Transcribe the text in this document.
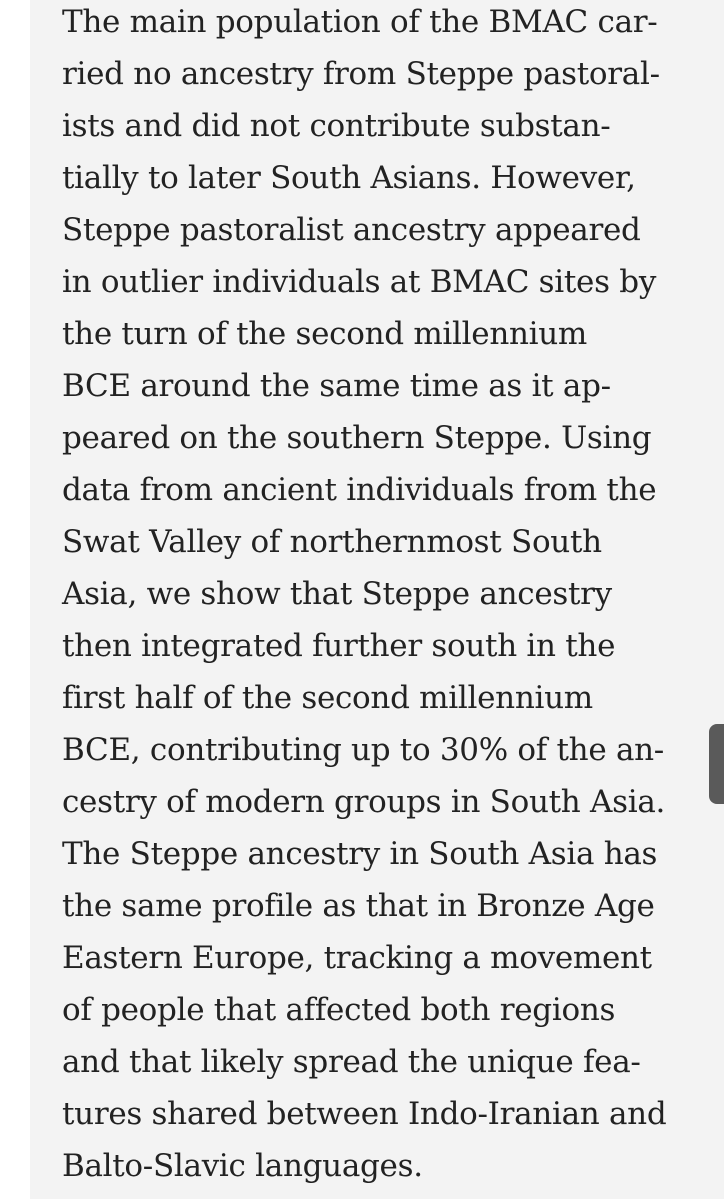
The main population of the BMAC car-
ried no ancestry from Steppe pastoral-
ists and did not contribute substan-
tially to later South Asians. However,
Steppe pastoralist ancestry appeared
in outlier individuals at BMAC sites by
the turn of the second millennium
BCE around the same time as it ap-
peared on the southern Steppe. Using
data from ancient individuals from the
Swat Valley of northernmost South
Asia, we show that Steppe ancestry
then integrated further south in the
first half of the second millennium
BCE, contributing up to 30% of the an-
cestry of modern groups in South Asia.
The Steppe ancestry in South Asia has
the same profile as that in Bronze Age
Eastern Europe, tracking a movement
of people that affected both regions
and that likely spread the unique fea-
tures shared between Indo-Iranian and
Balto-Slavic languages.
